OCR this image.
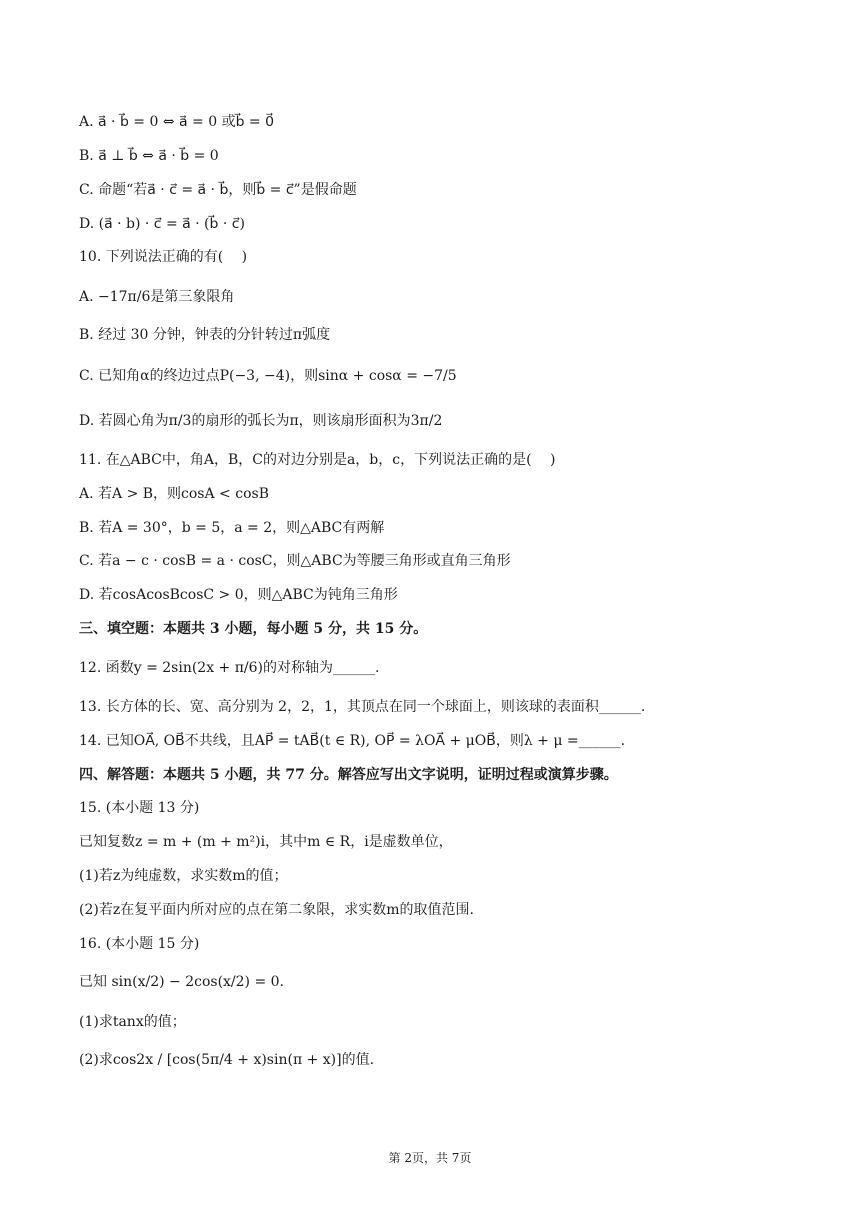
A. a⃗ · b⃗ = 0 ⇔ a⃗ = 0 或b⃗ = 0⃗
B. a⃗ ⊥ b⃗ ⇔ a⃗ · b⃗ = 0
C. 命题“若a⃗ · c⃗ = a⃗ · b⃗，则b⃗ = c⃗”是假命题
D. (a⃗ · b) · c⃗ = a⃗ · (b⃗ · c⃗)
10. 下列说法正确的有(　 )
A. −17π/6是第三象限角
B. 经过 30 分钟，钟表的分针转过π弧度
C. 已知角α的终边过点P(−3, −4)，则sinα + cosα = −7/5
D. 若圆心角为π/3的扇形的弧长为π，则该扇形面积为3π/2
11. 在△ABC中，角A，B，C的对边分别是a，b，c，下列说法正确的是(　 )
A. 若A > B，则cosA < cosB
B. 若A = 30°，b = 5，a = 2，则△ABC有两解
C. 若a − c · cosB = a · cosC，则△ABC为等腰三角形或直角三角形
D. 若cosAcosBcosC > 0，则△ABC为钝角三角形
三、填空题：本题共 3 小题，每小题 5 分，共 15 分。
12. 函数y = 2sin(2x + π/6)的对称轴为______.
13. 长方体的长、宽、高分别为 2，2，1，其顶点在同一个球面上，则该球的表面积______.
14. 已知OA⃗, OB⃗不共线，且AP⃗ = tAB⃗(t ∈ R), OP⃗ = λOA⃗ + μOB⃗，则λ + μ =______.
四、解答题：本题共 5 小题，共 77 分。解答应写出文字说明，证明过程或演算步骤。
15. (本小题 13 分)
已知复数z = m + (m + m²)i，其中m ∈ R，i是虚数单位，
(1)若z为纯虚数，求实数m的值；
(2)若z在复平面内所对应的点在第二象限，求实数m的取值范围.
16. (本小题 15 分)
已知 sin(x/2) − 2cos(x/2) = 0.
(1)求tanx的值；
(2)求cos2x / [cos(5π/4 + x)sin(π + x)]的值.
第 2页，共 7页
